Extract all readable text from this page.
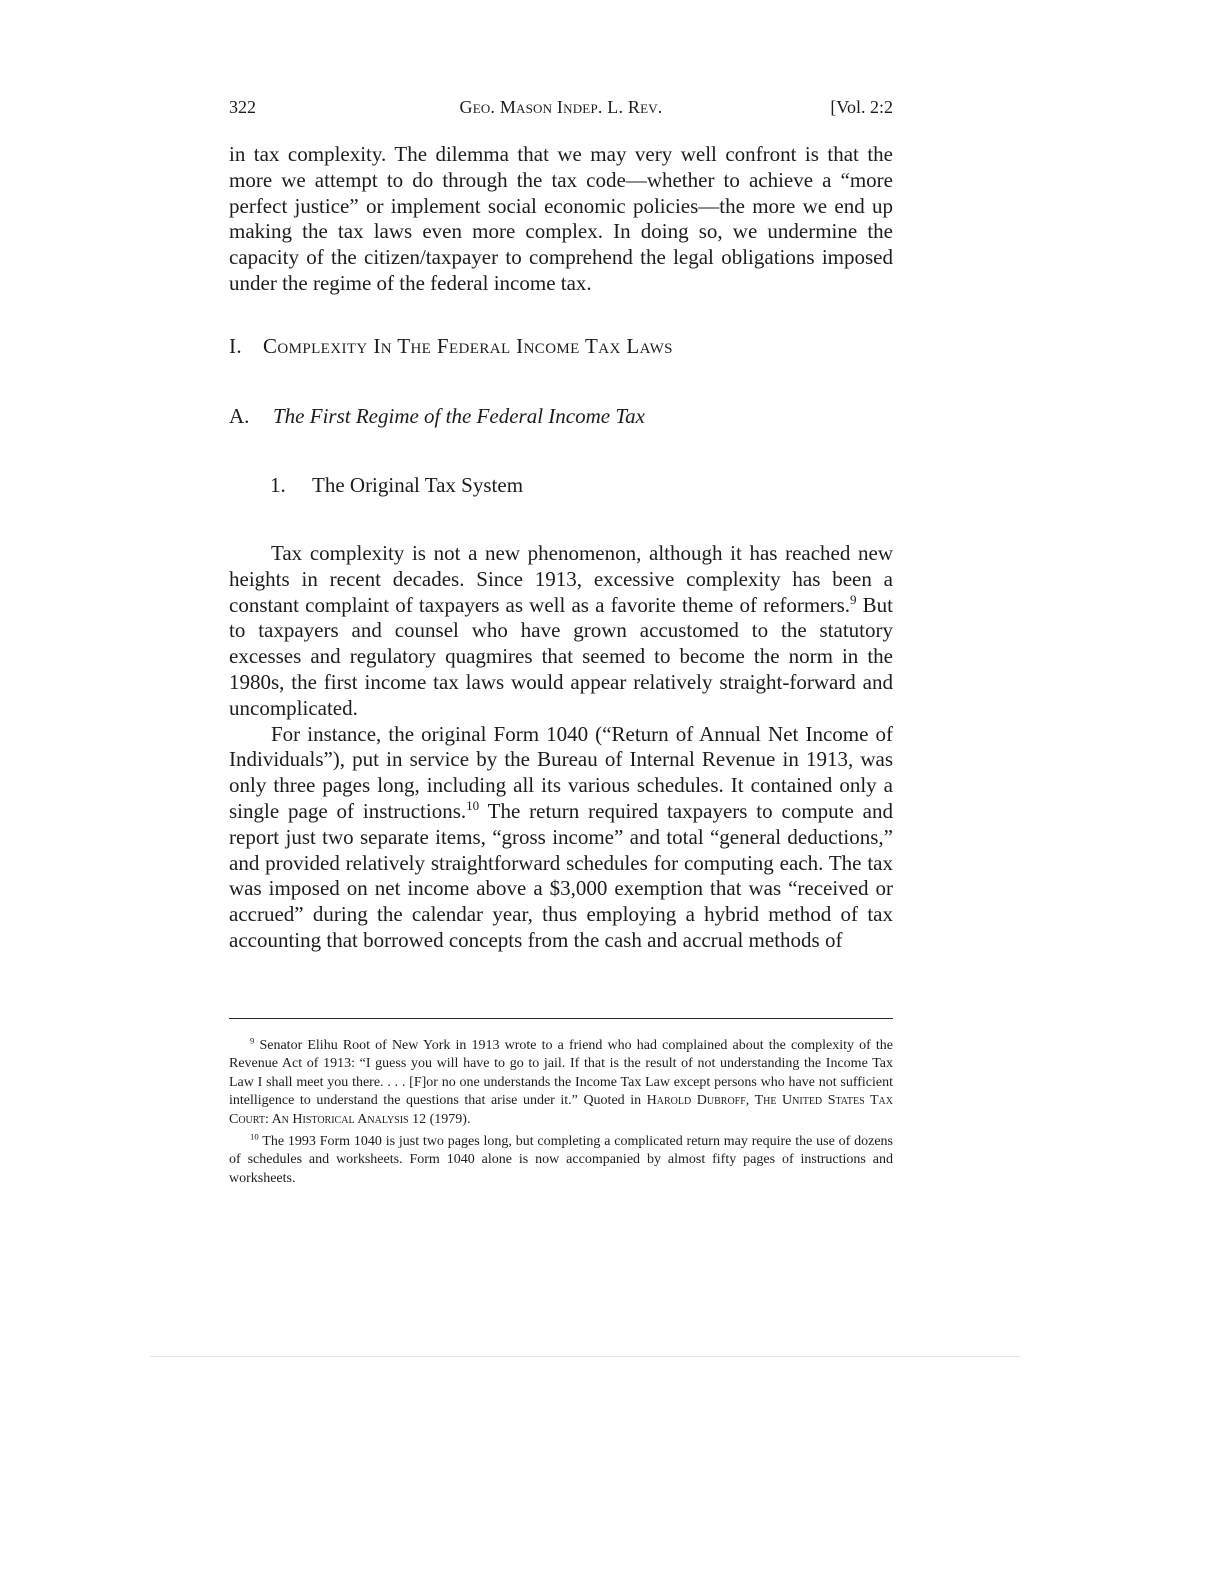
322	Geo. Mason Indep. L. Rev.	[Vol. 2:2

in tax complexity. The dilemma that we may very well confront is that the more we attempt to do through the tax code—whether to achieve a “more perfect justice” or implement social economic policies—the more we end up making the tax laws even more complex. In doing so, we undermine the capacity of the citizen/taxpayer to comprehend the legal obligations imposed under the regime of the federal income tax.

I. Complexity In The Federal Income Tax Laws
A. The First Regime of the Federal Income Tax
1. The Original Tax System

Tax complexity is not a new phenomenon, although it has reached new heights in recent decades. Since 1913, excessive complexity has been a constant complaint of taxpayers as well as a favorite theme of reformers.$^9$ But to taxpayers and counsel who have grown accustomed to the statutory excesses and regulatory quagmires that seemed to become the norm in the 1980s, the first income tax laws would appear relatively straight-forward and uncomplicated.

For instance, the original Form 1040 (“Return of Annual Net Income of Individuals”), put in service by the Bureau of Internal Revenue in 1913, was only three pages long, including all its various schedules. It contained only a single page of instructions.$^{10}$ The return required taxpayers to compute and report just two separate items, “gross income” and total “general deductions,” and provided relatively straightforward schedules for computing each. The tax was imposed on net income above a $3,000 exemption that was “received or accrued” during the calendar year, thus employing a hybrid method of tax accounting that borrowed concepts from the cash and accrual methods of

$^9$ Senator Elihu Root of New York in 1913 wrote to a friend who had complained about the complexity of the Revenue Act of 1913: “I guess you will have to go to jail. If that is the result of not understanding the Income Tax Law I shall meet you there. . . . [F]or no one understands the Income Tax Law except persons who have not sufficient intelligence to understand the questions that arise under it.” Quoted in Harold Dubroff, The United States Tax Court: An Historical Analysis 12 (1979).

$^{10}$ The 1993 Form 1040 is just two pages long, but completing a complicated return may require the use of dozens of schedules and worksheets. Form 1040 alone is now accompanied by almost fifty pages of instructions and worksheets.
